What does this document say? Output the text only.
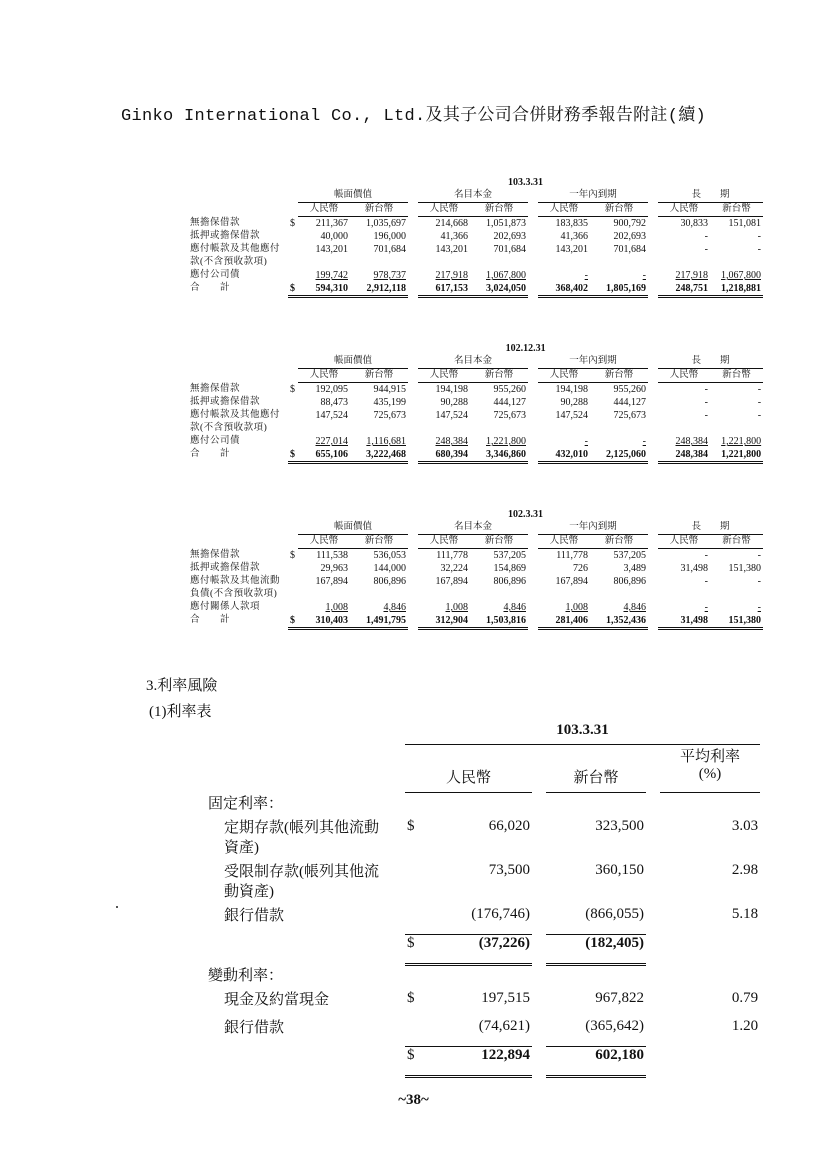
Ginko International Co., Ltd.及其子公司合併財務季報告附註(續)
	103.3.31											
		帳面價值			名目本金			一年內到期			長　　期	
		人民幣	新台幣		人民幣	新台幣		人民幣	新台幣		人民幣	新台幣
無擔保借款	$	211,367	1,035,697		214,668	1,051,873		183,835	900,792		30,833	151,081
抵押或擔保借款		40,000	196,000		41,366	202,693		41,366	202,693		-	-
應付帳款及其他應付款(不含預收款項)		143,201	701,684		143,201	701,684		143,201	701,684		-	-
應付公司債		199,742	978,737		217,918	1,067,800		-	-		217,918	1,067,800
合　　計	$	594,310	2,912,118		617,153	3,024,050		368,402	1,805,169		248,751	1,218,881
	102.12.31											
		帳面價值			名目本金			一年內到期			長　　期	
		人民幣	新台幣		人民幣	新台幣		人民幣	新台幣		人民幣	新台幣
無擔保借款	$	192,095	944,915		194,198	955,260		194,198	955,260		-	-
抵押或擔保借款		88,473	435,199		90,288	444,127		90,288	444,127		-	-
應付帳款及其他應付款(不含預收款項)		147,524	725,673		147,524	725,673		147,524	725,673		-	-
應付公司債		227,014	1,116,681		248,384	1,221,800		-	-		248,384	1,221,800
合　　計	$	655,106	3,222,468		680,394	3,346,860		432,010	2,125,060		248,384	1,221,800
	102.3.31											
		帳面價值			名目本金			一年內到期			長　　期	
		人民幣	新台幣		人民幣	新台幣		人民幣	新台幣		人民幣	新台幣
無擔保借款	$	111,538	536,053		111,778	537,205		111,778	537,205		-	-
抵押或擔保借款		29,963	144,000		32,224	154,869		726	3,489		31,498	151,380
應付帳款及其他流動負債(不含預收款項)		167,894	806,896		167,894	806,896		167,894	806,896		-	-
應付關係人款項		1,008	4,846		1,008	4,846		1,008	4,846		-	-
合　　計	$	310,403	1,491,795		312,904	1,503,816		281,406	1,352,436		31,498	151,380
3.利率風險
(1)利率表
	103.3.31					
						平均利率
	人民幣			新台幣		(%)
固定利率：						
定期存款(帳列其他流動資產)	$	66,020		323,500		3.03
受限制存款(帳列其他流動資產)		73,500		360,150		2.98
銀行借款		(176,746)		(866,055)		5.18
	$	(37,226)		(182,405)		
變動利率：						
現金及約當現金	$	197,515		967,822		0.79
銀行借款		(74,621)		(365,642)		1.20
	$	122,894		602,180		
~38~
